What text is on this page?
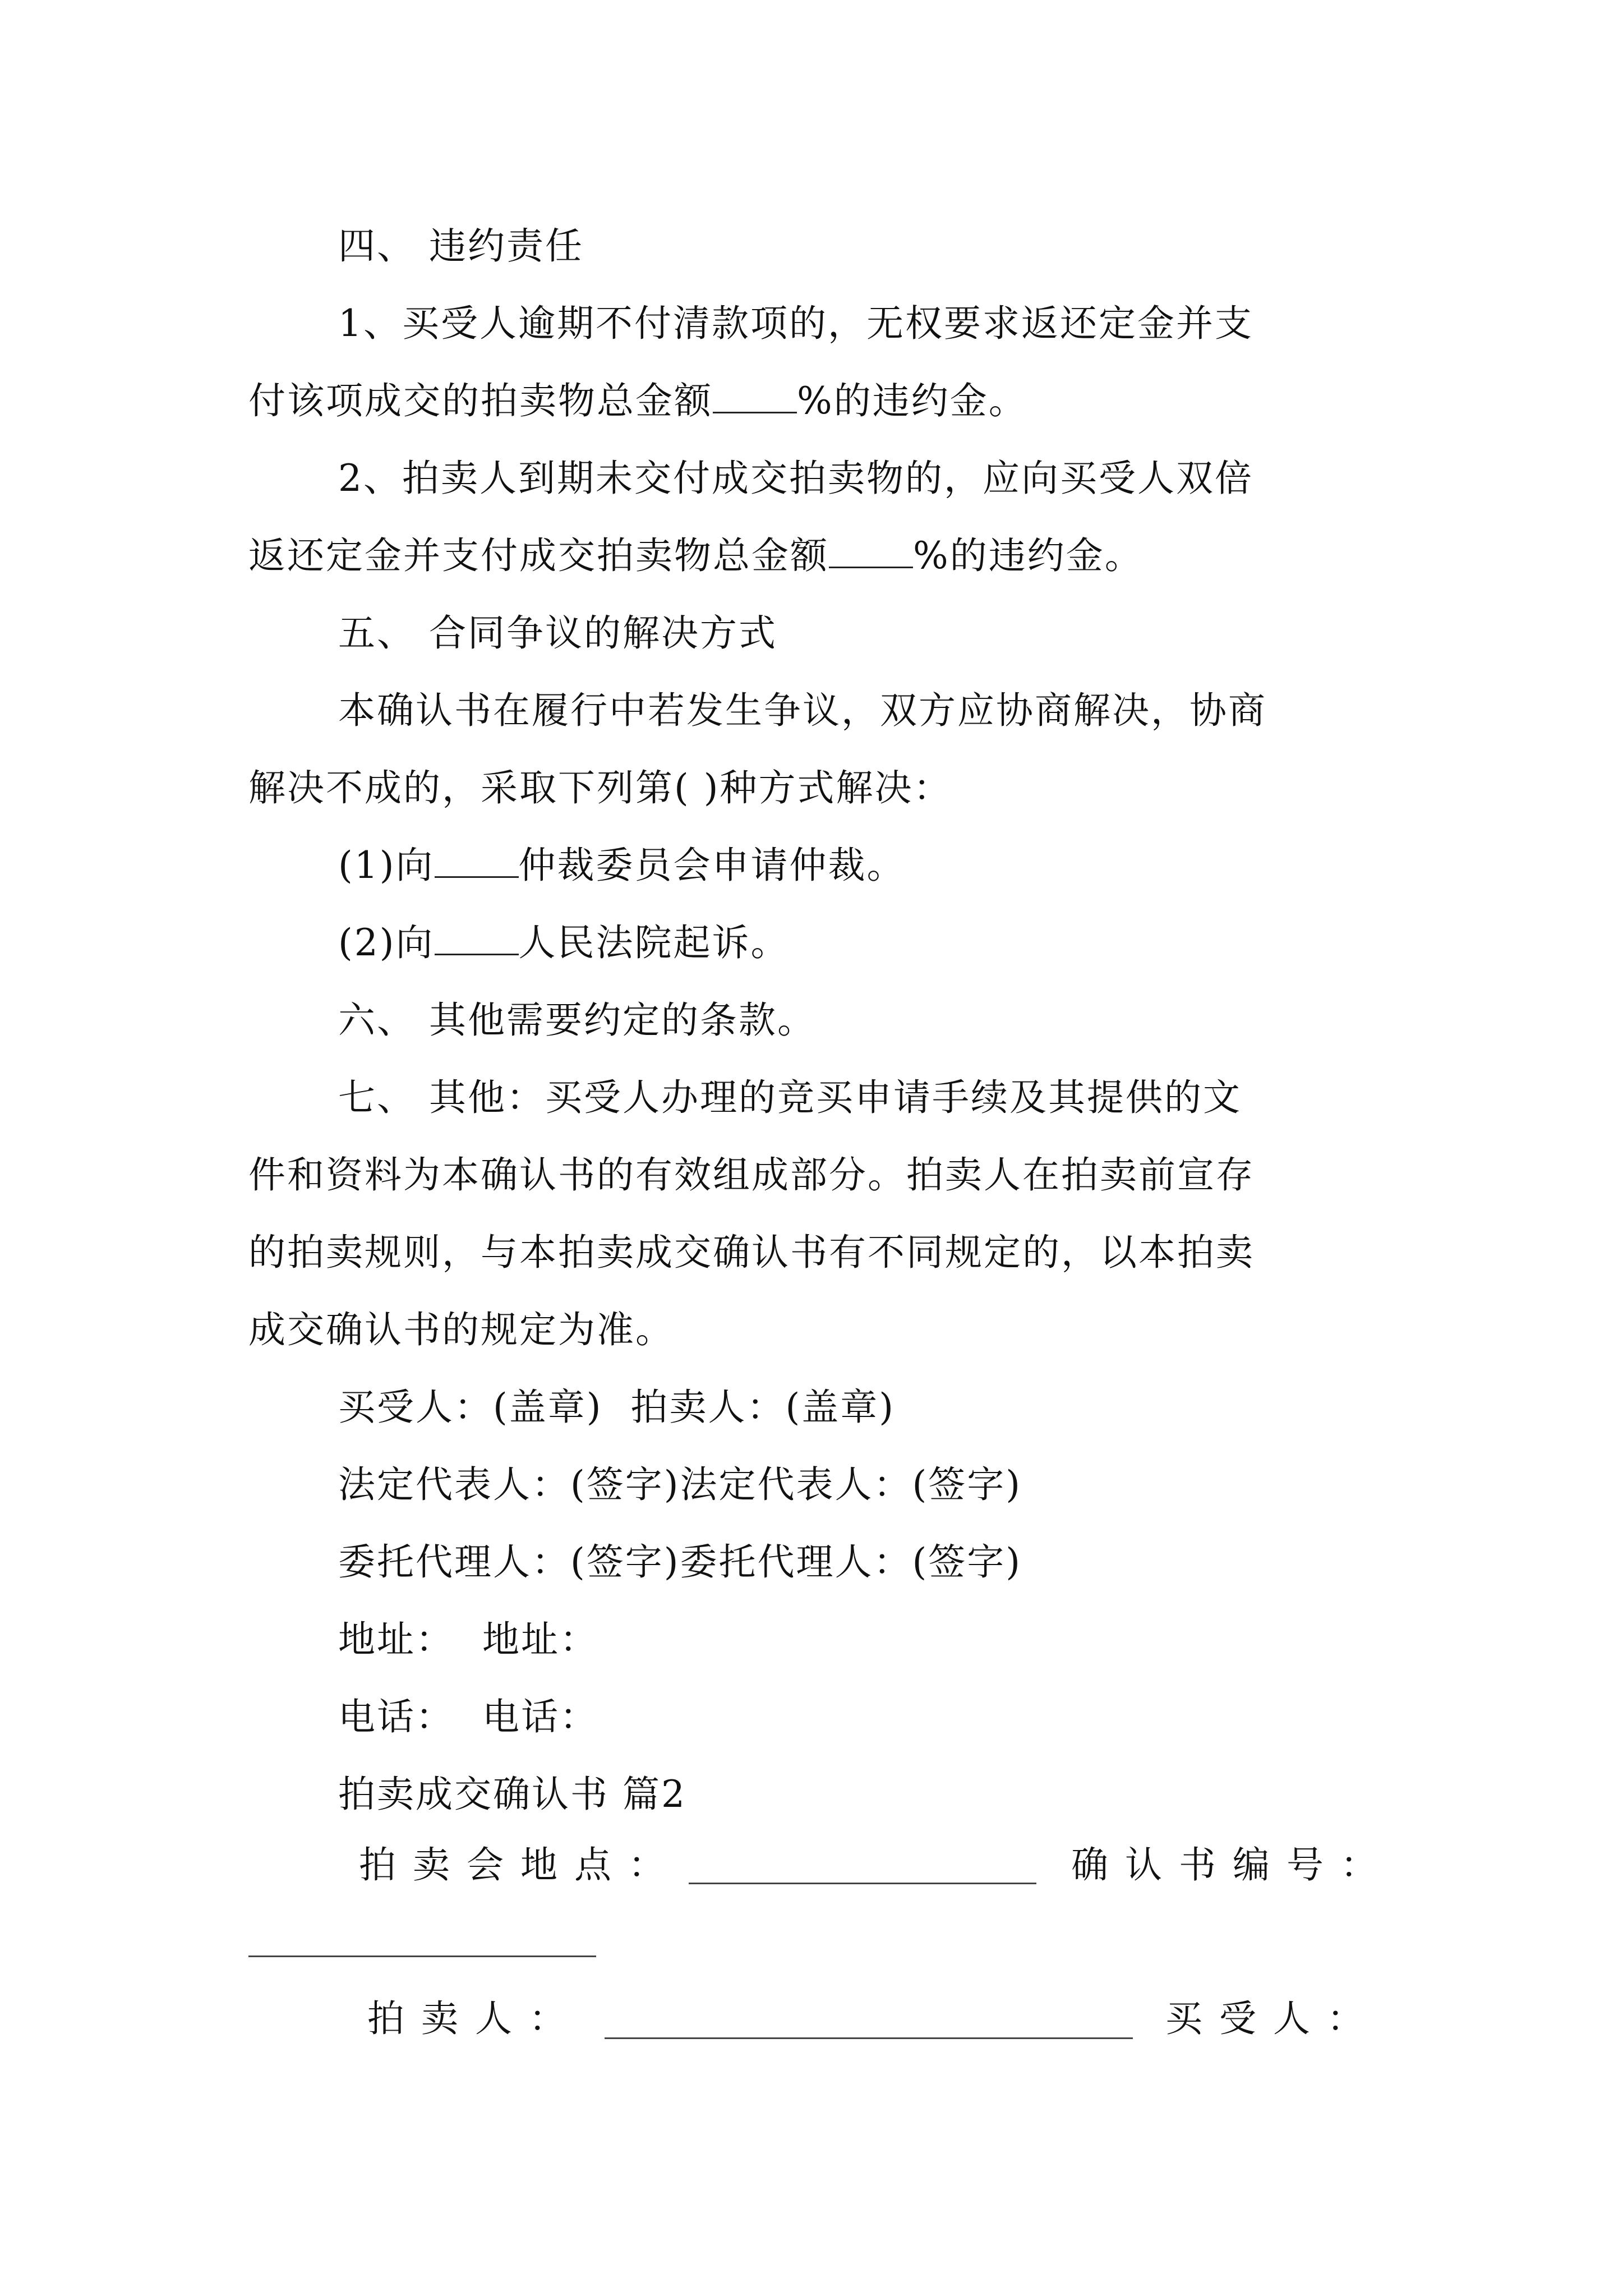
四、 违约责任
1、买受人逾期不付清款项的，无权要求返还定金并支
付该项成交的拍卖物总金额 %的违约金。
2、拍卖人到期未交付成交拍卖物的，应向买受人双倍
返还定金并支付成交拍卖物总金额 %的违约金。
五、 合同争议的解决方式
本确认书在履行中若发生争议，双方应协商解决，协商
解决不成的，采取下列第( )种方式解决：
(1)向 仲裁委员会申请仲裁。
(2)向 人民法院起诉。
六、 其他需要约定的条款。
七、 其他：买受人办理的竞买申请手续及其提供的文
件和资料为本确认书的有效组成部分。拍卖人在拍卖前宣存
的拍卖规则，与本拍卖成交确认书有不同规定的，以本拍卖
成交确认书的规定为准。
买受人：(盖章) 拍卖人：(盖章)
法定代表人：(签字)法定代表人：(签字)
委托代理人：(签字)委托代理人：(签字)
地址： 地址：
电话： 电话：
拍卖成交确认书 篇2
拍卖会地点：	确认书编号：
拍卖人：	买受人：
